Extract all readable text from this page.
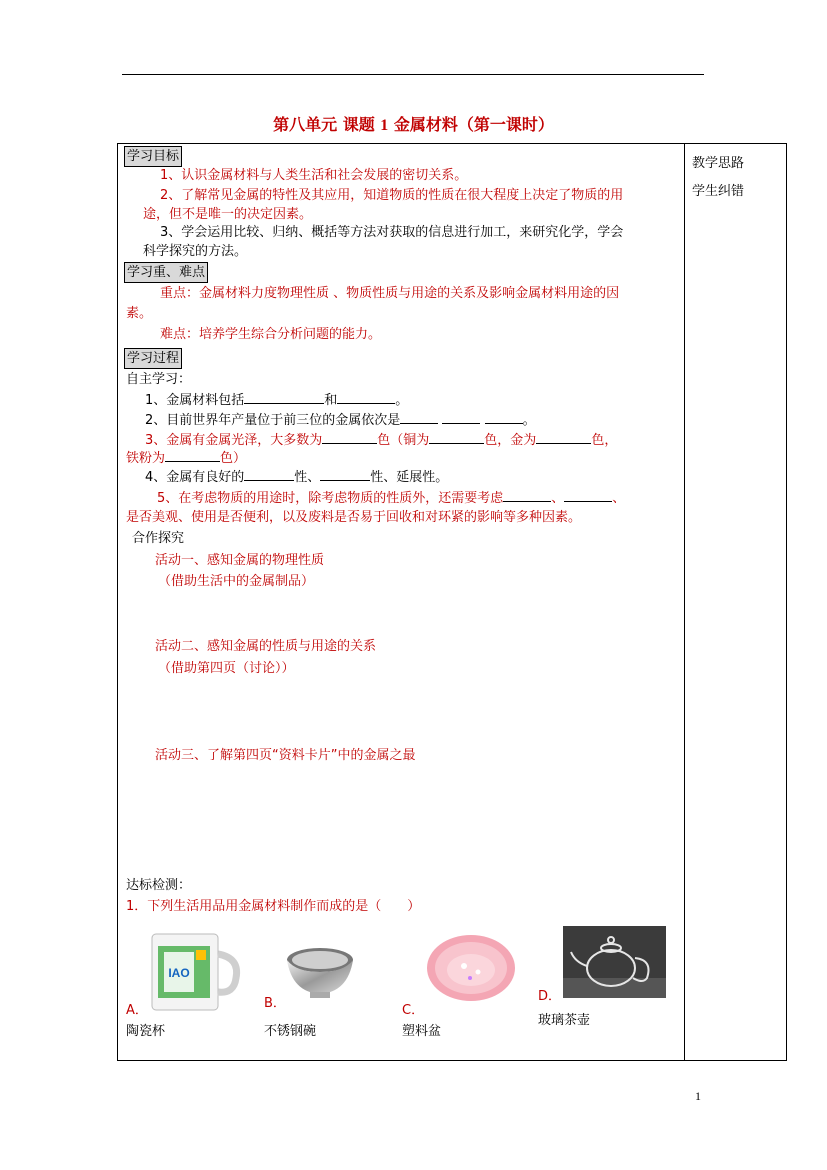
第八单元 课题 1 金属材料（第一课时）
教学思路
学生纠错
学习目标
1、认识金属材料与人类生活和社会发展的密切关系。
2、了解常见金属的特性及其应用，知道物质的性质在很大程度上决定了物质的用
途，但不是唯一的决定因素。
3、学会运用比较、归纳、概括等方法对获取的信息进行加工，来研究化学，学会
科学探究的方法。
学习重、难点
重点：金属材料力度物理性质 、物质性质与用途的关系及影响金属材料用途的因
素。
难点：培养学生综合分析问题的能力。
学习过程
自主学习：
1、金属材料包括	和	。
2、目前世界年产量位于前三位的金属依次是	。
3、金属有金属光泽，大多数为	色（铜为	色，金为	色，
铁粉为	色）
4、金属有良好的	性、	性、延展性。
5、在考虑物质的用途时，除考虑物质的性质外，还需要考虑	、	、
是否美观、使用是否便利，以及废料是否易于回收和对环紧的影响等多种因素。
合作探究
活动一、感知金属的物理性质
（借助生活中的金属制品）
活动二、感知金属的性质与用途的关系
（借助第四页（讨论））
活动三、了解第四页“资料卡片”中的金属之最
达标检测：
1．下列生活用品用金属材料制作而成的是（　　）
IAO
A．
陶瓷杯
B．
不锈钢碗
C．
塑料盆
D．
玻璃茶壶
1
